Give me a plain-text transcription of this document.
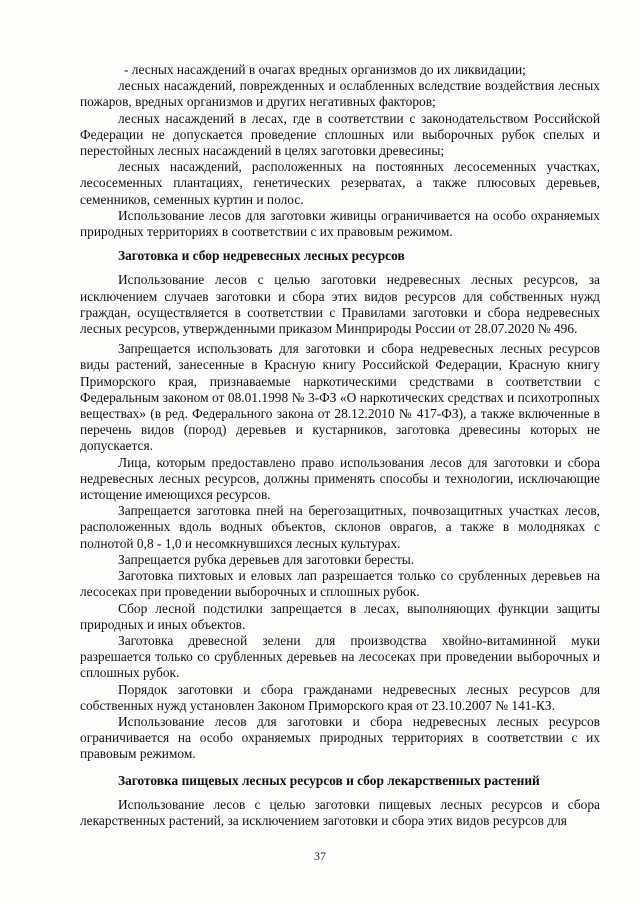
- лесных насаждений в очагах вредных организмов до их ликвидации;

лесных насаждений, поврежденных и ослабленных вследствие воздействия лесных пожаров, вредных организмов и других негативных факторов;

лесных насаждений в лесах, где в соответствии с законодательством Российской Федерации не допускается проведение сплошных или выборочных рубок спелых и перестойных лесных насаждений в целях заготовки древесины;

лесных насаждений, расположенных на постоянных лесосеменных участках, лесосеменных плантациях, генетических резерватах, а также плюсовых деревьев, семенников, семенных куртин и полос.

Использование лесов для заготовки живицы ограничивается на особо охраняемых природных территориях в соответствии с их правовым режимом.

Заготовка и сбор недревесных лесных ресурсов

Использование лесов с целью заготовки недревесных лесных ресурсов, за исключением случаев заготовки и сбора этих видов ресурсов для собственных нужд граждан, осуществляется в соответствии с Правилами заготовки и сбора недревесных лесных ресурсов, утвержденными приказом Минприроды России от 28.07.2020 № 496.

Запрещается использовать для заготовки и сбора недревесных лесных ресурсов виды растений, занесенные в Красную книгу Российской Федерации, Красную книгу Приморского края, признаваемые наркотическими средствами в соответствии с Федеральным законом от 08.01.1998 № 3-ФЗ «О наркотических средствах и психотропных веществах» (в ред. Федерального закона от 28.12.2010 № 417-ФЗ), а также включенные в перечень видов (пород) деревьев и кустарников, заготовка древесины которых не допускается.

Лица, которым предоставлено право использования лесов для заготовки и сбора недревесных лесных ресурсов, должны применять способы и технологии, исключающие истощение имеющихся ресурсов.

Запрещается заготовка пней на берегозащитных, почвозащитных участках лесов, расположенных вдоль водных объектов, склонов оврагов, а также в молодняках с полнотой 0,8 - 1,0 и несомкнувшихся лесных культурах.

Запрещается рубка деревьев для заготовки бересты.

Заготовка пихтовых и еловых лап разрешается только со срубленных деревьев на лесосеках при проведении выборочных и сплошных рубок.

Сбор лесной подстилки запрещается в лесах, выполняющих функции защиты природных и иных объектов.

Заготовка древесной зелени для производства хвойно-витаминной муки разрешается только со срубленных деревьев на лесосеках при проведении выборочных и сплошных рубок.

Порядок заготовки и сбора гражданами недревесных лесных ресурсов для собственных нужд установлен Законом Приморского края от 23.10.2007 № 141-КЗ.

Использование лесов для заготовки и сбора недревесных лесных ресурсов ограничивается на особо охраняемых природных территориях в соответствии с их правовым режимом.

Заготовка пищевых лесных ресурсов и сбор лекарственных растений

Использование лесов с целью заготовки пищевых лесных ресурсов и сбора лекарственных растений, за исключением заготовки и сбора этих видов ресурсов для

37
